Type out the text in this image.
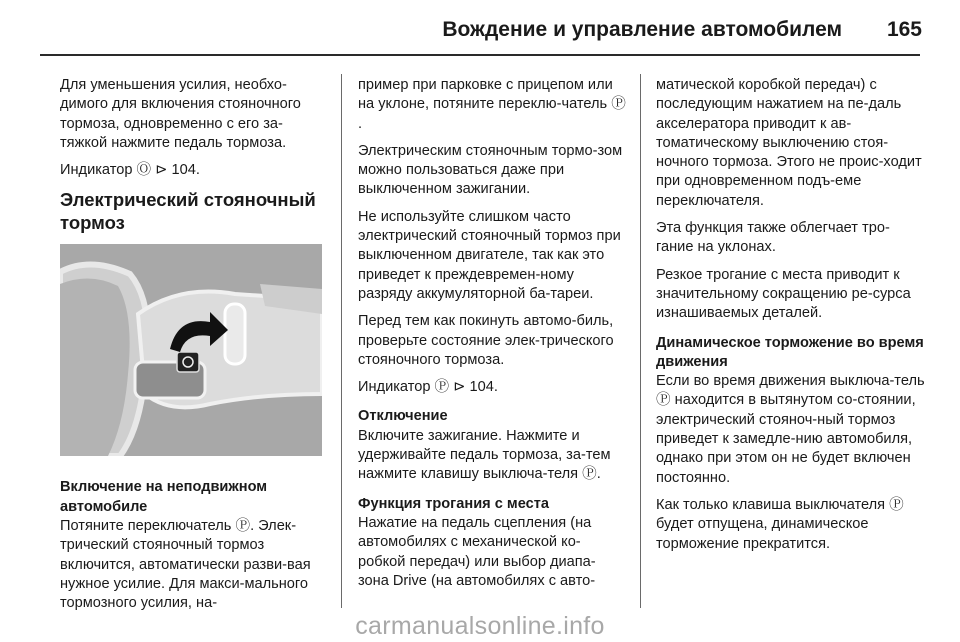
Вождение и управление автомобилем 165

Для уменьшения усилия, необхо-димого для включения стояночного тормоза, одновременно с его за-тяжкой нажмите педаль тормоза.

Индикатор Ⓞ ⊳ 104.

Электрический стояночный тормоз
Включение на неподвижном автомобиле

Потяните переключатель Ⓟ. Элек-трический стояночный тормоз включится, автоматически разви-вая нужное усилие. Для макси-мального тормозного усилия, на-

пример при парковке с прицепом или на уклоне, потяните переклю-чатель Ⓟ.

Электрическим стояночным тормо-зом можно пользоваться даже при выключенном зажигании.

Не используйте слишком часто электрический стояночный тормоз при выключенном двигателе, так как это приведет к преждевремен-ному разряду аккумуляторной ба-тареи.

Перед тем как покинуть автомо-биль, проверьте состояние элек-трического стояночного тормоза.

Индикатор Ⓟ ⊳ 104.

Отключение

Включите зажигание. Нажмите и удерживайте педаль тормоза, за-тем нажмите клавишу выключа-теля Ⓟ.

Функция трогания с места

Нажатие на педаль сцепления (на автомобилях с механической ко-робкой передач) или выбор диапа-зона Drive (на автомобилях с авто-

матической коробкой передач) с последующим нажатием на пе-даль акселератора приводит к ав-томатическому выключению стоя-ночного тормоза. Этого не проис-ходит при одновременном подъ-еме переключателя.

Эта функция также облегчает тро-гание на уклонах.

Резкое трогание с места приводит к значительному сокращению ре-сурса изнашиваемых деталей.

Динамическое торможение во время движения

Если во время движения выключа-тель Ⓟ находится в вытянутом со-стоянии, электрический стояноч-ный тормоз приведет к замедле-нию автомобиля, однако при этом он не будет включен постоянно.

Как только клавиша выключателя Ⓟ будет отпущена, динамическое торможение прекратится.

carmanualsonline.info
